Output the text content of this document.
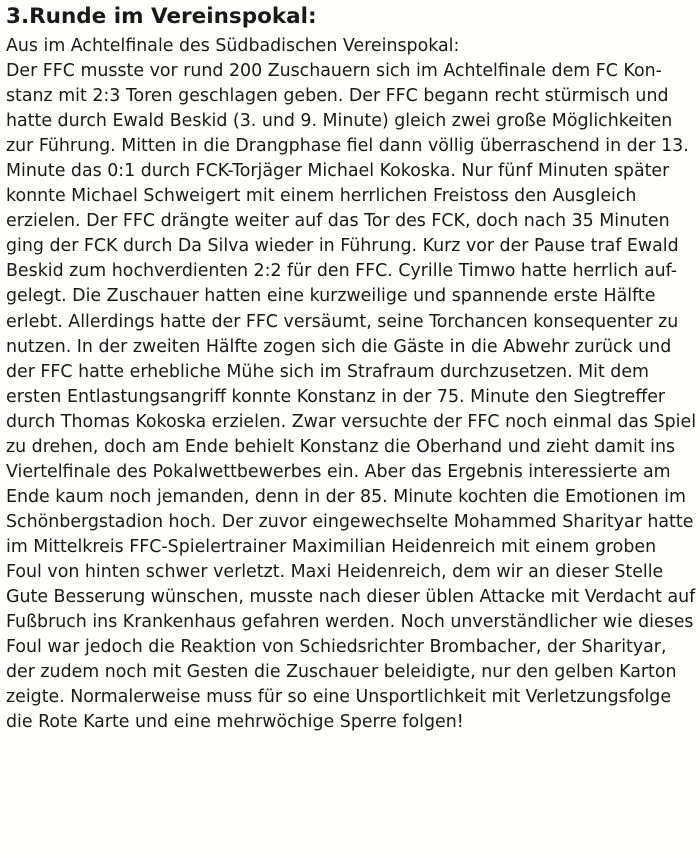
3.Runde im Vereinspokal:
Aus im Achtelfinale des Südbadischen Vereinspokal:
Der FFC musste vor rund 200 Zuschauern sich im Achtelfinale dem FC Kon-
stanz mit 2:3 Toren geschlagen geben. Der FFC begann recht stürmisch und
hatte durch Ewald Beskid (3. und 9. Minute) gleich zwei große Möglichkeiten
zur Führung. Mitten in die Drangphase fiel dann völlig überraschend in der 13.
Minute das 0:1 durch FCK-Torjäger Michael Kokoska. Nur fünf Minuten später
konnte Michael Schweigert mit einem herrlichen Freistoss den Ausgleich
erzielen. Der FFC drängte weiter auf das Tor des FCK, doch nach 35 Minuten
ging der FCK durch Da Silva wieder in Führung. Kurz vor der Pause traf Ewald
Beskid zum hochverdienten 2:2 für den FFC. Cyrille Timwo hatte herrlich auf-
gelegt. Die Zuschauer hatten eine kurzweilige und spannende erste Hälfte
erlebt. Allerdings hatte der FFC versäumt, seine Torchancen konsequenter zu
nutzen. In der zweiten Hälfte zogen sich die Gäste in die Abwehr zurück und
der FFC hatte erhebliche Mühe sich im Strafraum durchzusetzen. Mit dem
ersten Entlastungsangriff konnte Konstanz in der 75. Minute den Siegtreffer
durch Thomas Kokoska erzielen. Zwar versuchte der FFC noch einmal das Spiel
zu drehen, doch am Ende behielt Konstanz die Oberhand und zieht damit ins
Viertelfinale des Pokalwettbewerbes ein. Aber das Ergebnis interessierte am
Ende kaum noch jemanden, denn in der 85. Minute kochten die Emotionen im
Schönbergstadion hoch. Der zuvor eingewechselte Mohammed Sharityar hatte
im Mittelkreis FFC-Spielertrainer Maximilian Heidenreich mit einem groben
Foul von hinten schwer verletzt. Maxi Heidenreich, dem wir an dieser Stelle
Gute Besserung wünschen, musste nach dieser üblen Attacke mit Verdacht auf
Fußbruch ins Krankenhaus gefahren werden. Noch unverständlicher wie dieses
Foul war jedoch die Reaktion von Schiedsrichter Brombacher, der Sharityar,
der zudem noch mit Gesten die Zuschauer beleidigte, nur den gelben Karton
zeigte. Normalerweise muss für so eine Unsportlichkeit mit Verletzungsfolge
die Rote Karte und eine mehrwöchige Sperre folgen!
